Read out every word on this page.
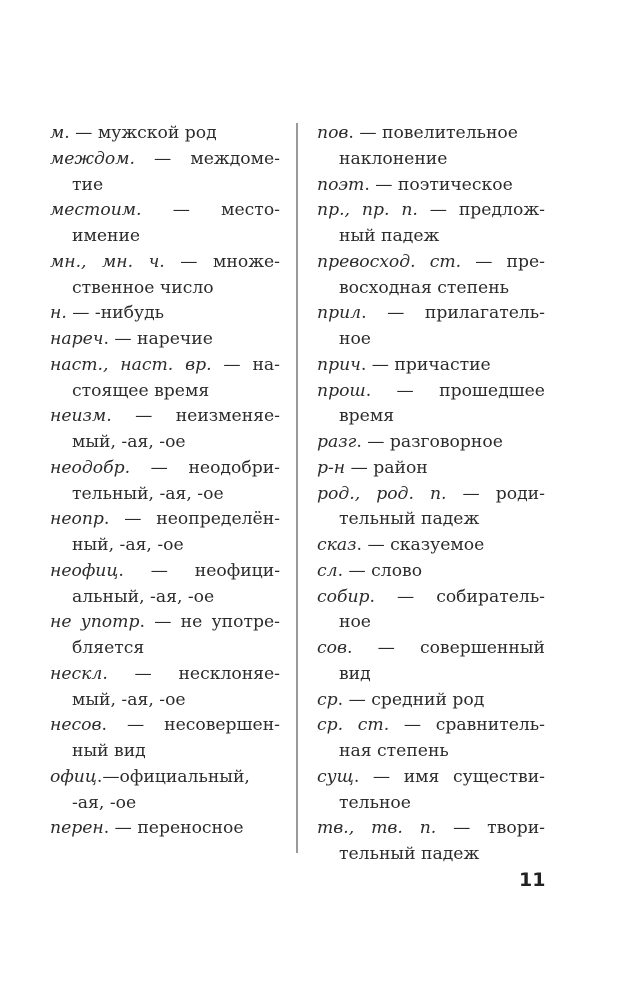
м. — мужской род
междом. — междоме-
тие
местоим. — место-
имение
мн., мн. ч. — множе-
ственное число
н. — -нибудь
нареч. — наречие
наст., наст. вр. — на-
стоящее время
неизм. — неизменяе-
мый, -ая, -ое
неодобр. — неодобри-
тельный, -ая, -ое
неопр. — неопределён-
ный, -ая, -ое
неофиц. — неофици-
альный, -ая, -ое
не употр. — не употре-
бляется
нескл. — несклоняе-
мый, -ая, -ое
несов. — несовершен-
ный вид
офиц.—официальный,
-ая, -ое
перен. — переносное
пов. — повелительное
наклонение
поэт. — поэтическое
пр., пр. п. — предлож-
ный падеж
превосход. ст. — пре-
восходная степень
прил. — прилагатель-
ное
прич. — причастие
прош. — прошедшее
время
разг. — разговорное
р-н — район
род., род. п. — роди-
тельный падеж
сказ. — сказуемое
сл. — слово
собир. — собиратель-
ное
сов. — совершенный
вид
ср. — средний род
ср. ст. — сравнитель-
ная степень
сущ. — имя существи-
тельное
тв., тв. п. — твори-
тельный падеж
11
